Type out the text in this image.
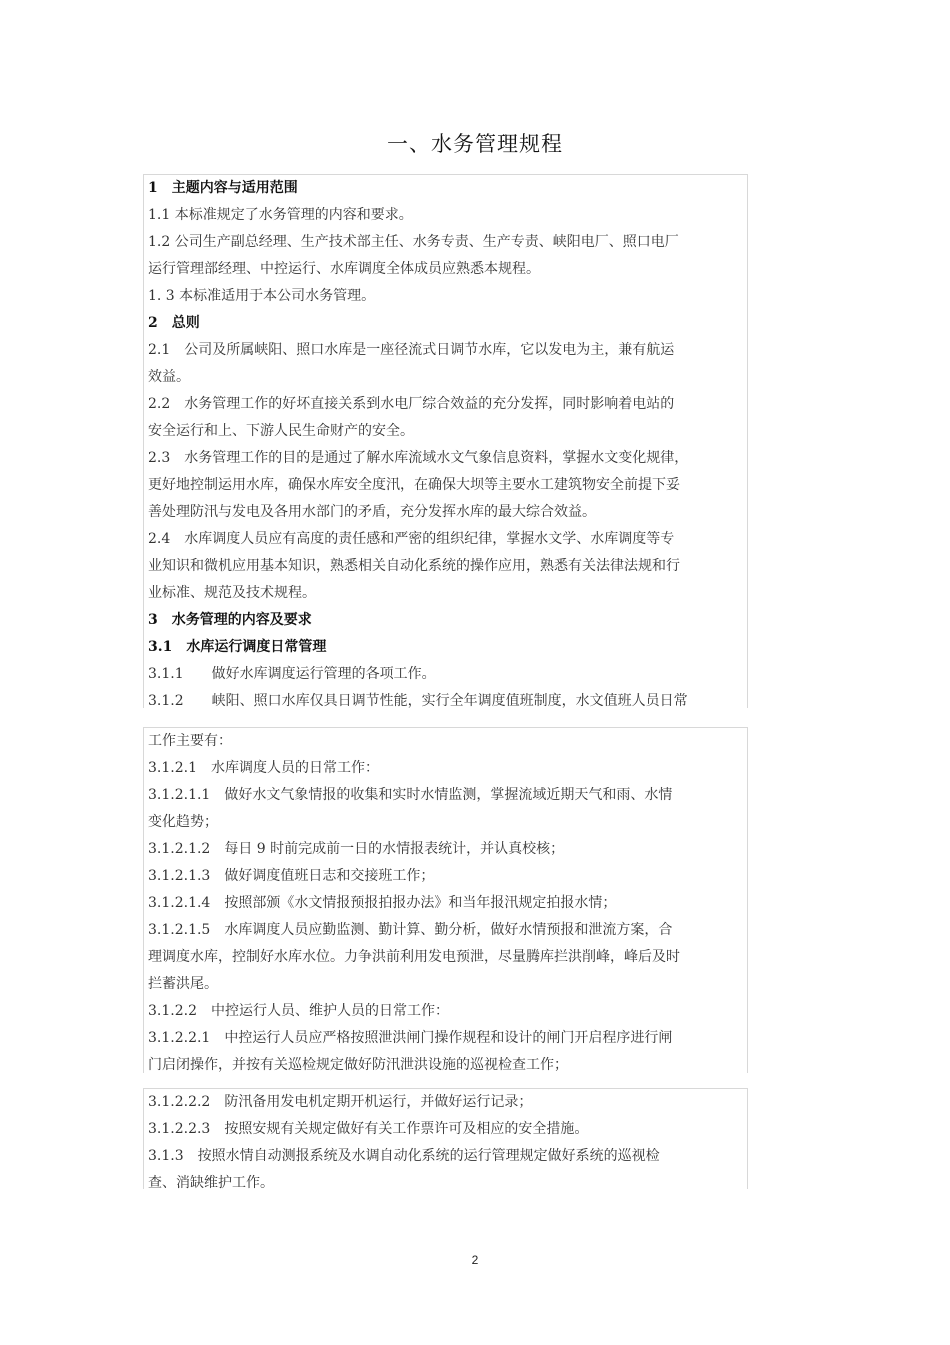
一、水务管理规程
1　主题内容与适用范围
1.1 本标准规定了水务管理的内容和要求。
1.2 公司生产副总经理、生产技术部主任、水务专责、生产专责、峡阳电厂、照口电厂
运行管理部经理、中控运行、水库调度全体成员应熟悉本规程。
1. 3 本标准适用于本公司水务管理。
2　总则
2.1　公司及所属峡阳、照口水库是一座径流式日调节水库，它以发电为主，兼有航运
效益。
2.2　水务管理工作的好坏直接关系到水电厂综合效益的充分发挥，同时影响着电站的
安全运行和上、下游人民生命财产的安全。
2.3　水务管理工作的目的是通过了解水库流域水文气象信息资料，掌握水文变化规律，
更好地控制运用水库，确保水库安全度汛，在确保大坝等主要水工建筑物安全前提下妥
善处理防汛与发电及各用水部门的矛盾，充分发挥水库的最大综合效益。
2.4　水库调度人员应有高度的责任感和严密的组织纪律，掌握水文学、水库调度等专
业知识和微机应用基本知识，熟悉相关自动化系统的操作应用，熟悉有关法律法规和行
业标准、规范及技术规程。
3　水务管理的内容及要求
3.1　水库运行调度日常管理
3.1.1　　做好水库调度运行管理的各项工作。
3.1.2　　峡阳、照口水库仅具日调节性能，实行全年调度值班制度，水文值班人员日常
工作主要有：
3.1.2.1　水库调度人员的日常工作：
3.1.2.1.1　做好水文气象情报的收集和实时水情监测，掌握流域近期天气和雨、水情
变化趋势；
3.1.2.1.2　每日 9 时前完成前一日的水情报表统计，并认真校核；
3.1.2.1.3　做好调度值班日志和交接班工作；
3.1.2.1.4　按照部颁《水文情报预报拍报办法》和当年报汛规定拍报水情；
3.1.2.1.5　水库调度人员应勤监测、勤计算、勤分析，做好水情预报和泄流方案，合
理调度水库，控制好水库水位。力争洪前利用发电预泄，尽量腾库拦洪削峰，峰后及时
拦蓄洪尾。
3.1.2.2　中控运行人员、维护人员的日常工作：
3.1.2.2.1　中控运行人员应严格按照泄洪闸门操作规程和设计的闸门开启程序进行闸
门启闭操作，并按有关巡检规定做好防汛泄洪设施的巡视检查工作；
3.1.2.2.2　防汛备用发电机定期开机运行，并做好运行记录；
3.1.2.2.3　按照安规有关规定做好有关工作票许可及相应的安全措施。
3.1.3　按照水情自动测报系统及水调自动化系统的运行管理规定做好系统的巡视检
查、消缺维护工作。
2
